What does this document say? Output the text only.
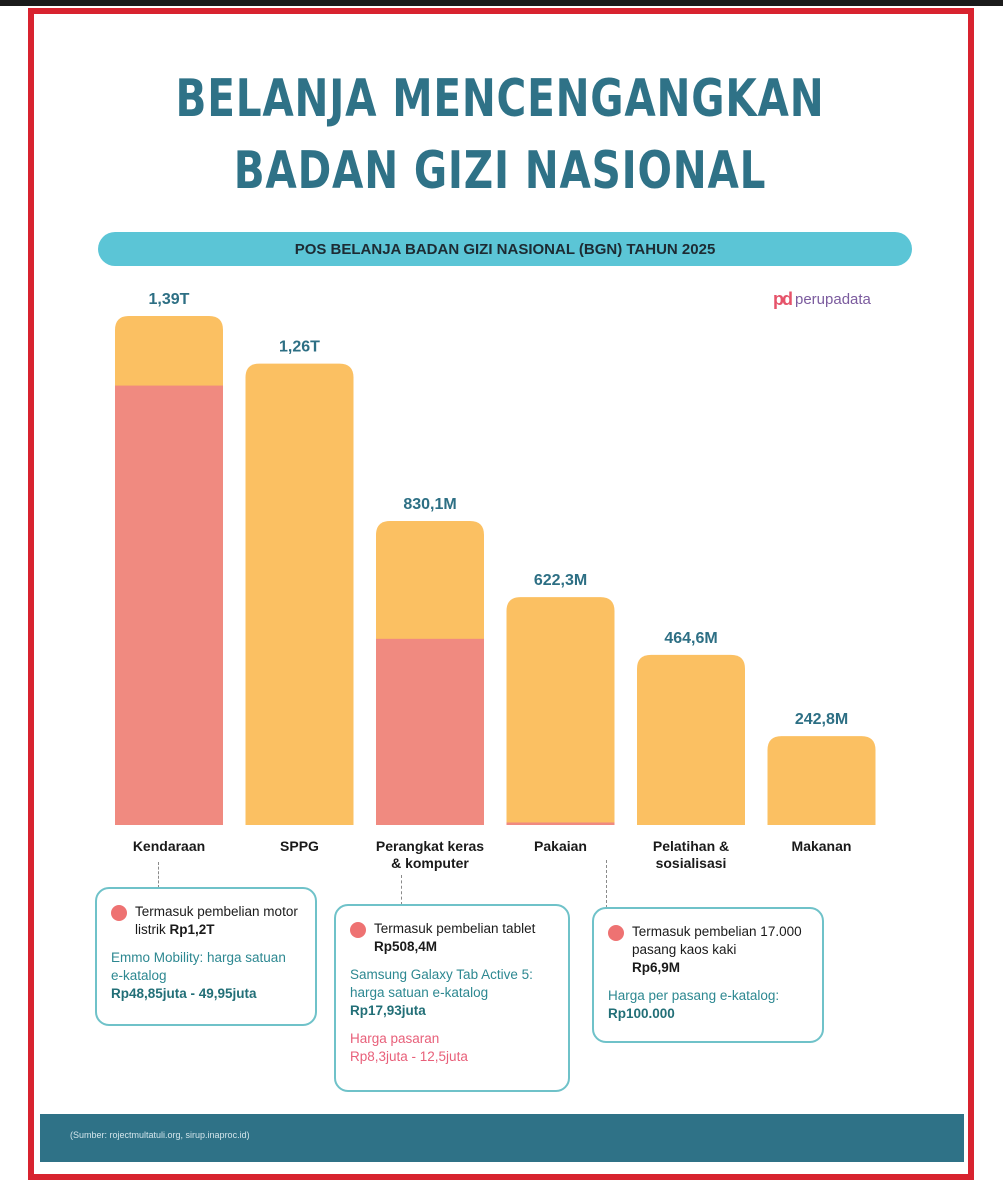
BELANJA MENCENGANGKAN
BADAN GIZI NASIONAL
POS BELANJA BADAN GIZI NASIONAL (BGN) TAHUN 2025
pd perupadata
1,39T
Kendaraan
1,26T
SPPG
830,1M
Perangkat keras & komputer
622,3M
Pakaian
464,6M
Pelatihan & sosialisasi
242,8M
Makanan
Termasuk pembelian motor listrik Rp1,2T
Emmo Mobility: harga satuan e-katalog
Rp48,85juta - 49,95juta
Termasuk pembelian tablet Rp508,4M
Samsung Galaxy Tab Active 5: harga satuan e-katalog
Rp17,93juta
Harga pasaran
Rp8,3juta - 12,5juta
Termasuk pembelian 17.000 pasang kaos kaki
Rp6,9M
Harga per pasang e-katalog:
Rp100.000
(Sumber: rojectmultatuli.org, sirup.inaproc.id)
